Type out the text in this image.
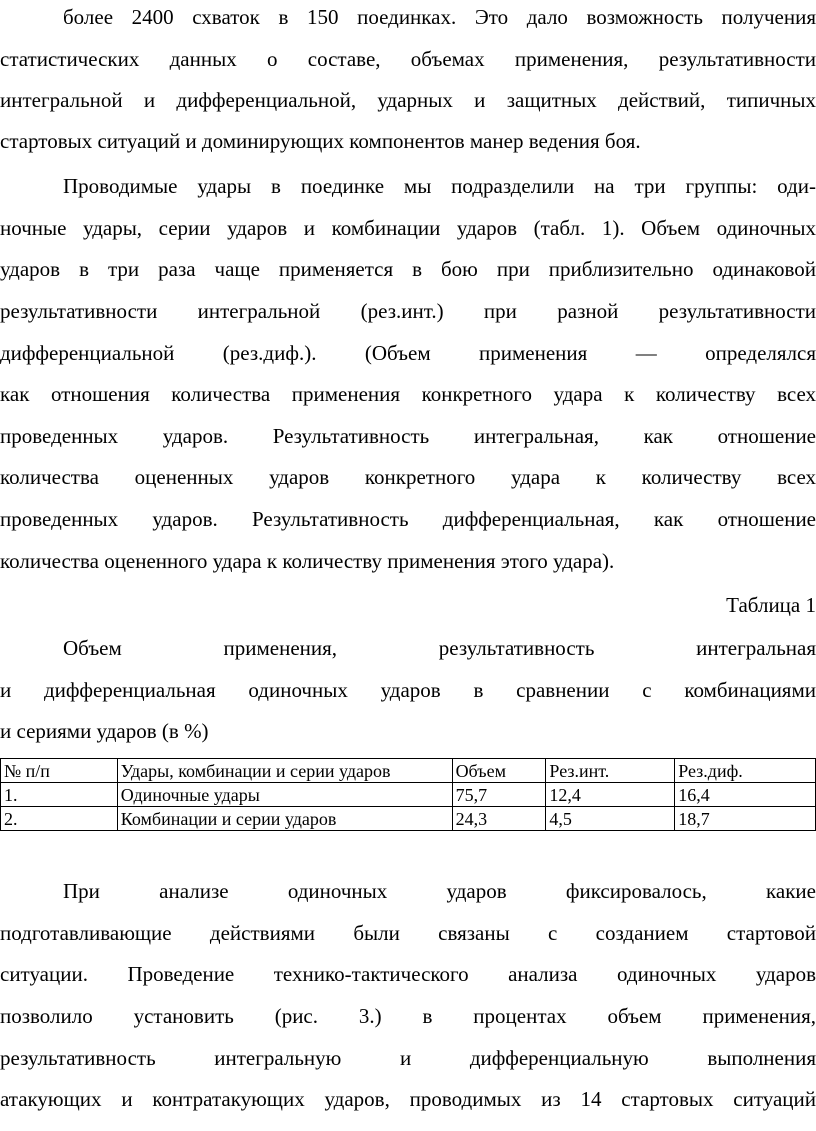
более 2400 схваток в 150 поединках. Это дало возможность получения
статистических данных о составе, объемах применения, результативности
интегральной и дифференциальной, ударных и защитных действий, типичных
стартовых ситуаций и доминирующих компонентов манер ведения боя.
Проводимые удары в поединке мы подразделили на три группы: оди-
ночные удары, серии ударов и комбинации ударов (табл. 1). Объем одиночных
ударов в три раза чаще применяется в бою при приблизительно одинаковой
результативности интегральной (рез.инт.) при разной результативности
дифференциальной (рез.диф.). (Объем применения — определялся
как отношения количества применения конкретного удара к количеству всех
проведенных ударов. Результативность интегральная, как отношение
количества оцененных ударов конкретного удара к количеству всех
проведенных ударов. Результативность дифференциальная, как отношение
количества оцененного удара к количеству применения этого удара).
Таблица 1
Объем применения, результативность интегральная
и дифференциальная одиночных ударов в сравнении с комбинациями
и сериями ударов (в %)
№ п/п	Удары, комбинации и серии ударов	Объем	Рез.инт.	Рез.диф.
1.	Одиночные удары	75,7	12,4	16,4
2.	Комбинации и серии ударов	24,3	4,5	18,7
При анализе одиночных ударов фиксировалось, какие
подготавливающие действиями были связаны с созданием стартовой
ситуации. Проведение технико-тактического анализа одиночных ударов
позволило установить (рис. 3.) в процентах объем применения,
результативность интегральную и дифференциальную выполнения
атакующих и контратакующих ударов, проводимых из 14 стартовых ситуаций
